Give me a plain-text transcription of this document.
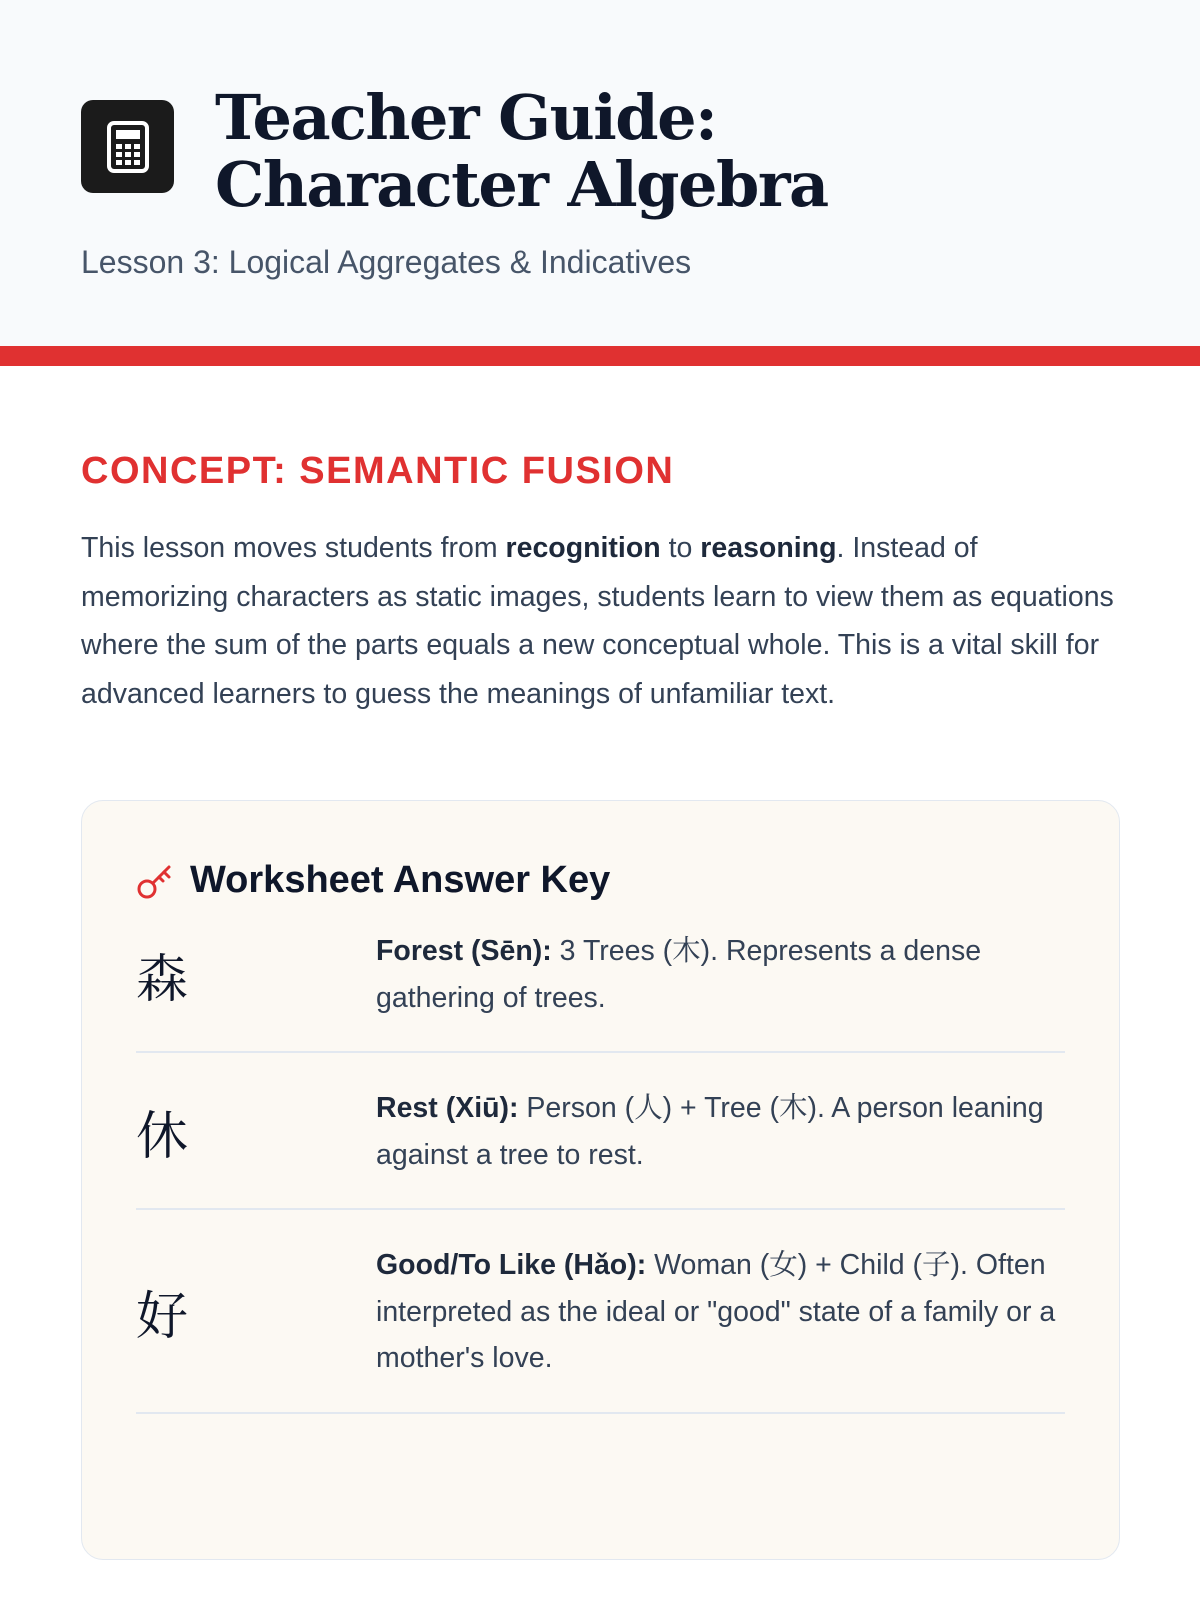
Teacher Guide: Character Algebra
Lesson 3: Logical Aggregates & Indicatives
CONCEPT: SEMANTIC FUSION

This lesson moves students from recognition to reasoning. Instead of memorizing characters as static images, students learn to view them as equations where the sum of the parts equals a new conceptual whole. This is a vital skill for advanced learners to guess the meanings of unfamiliar text.

Worksheet Answer Key
森	Forest (Sēn): 3 Trees (木). Represents a dense gathering of trees.
休	Rest (Xiū): Person (人) + Tree (木). A person leaning against a tree to rest.
好
Good/To Like (Hǎo): Woman (女) + Child (子). Often interpreted as the ideal or "good" state of a family or a mother's love.
